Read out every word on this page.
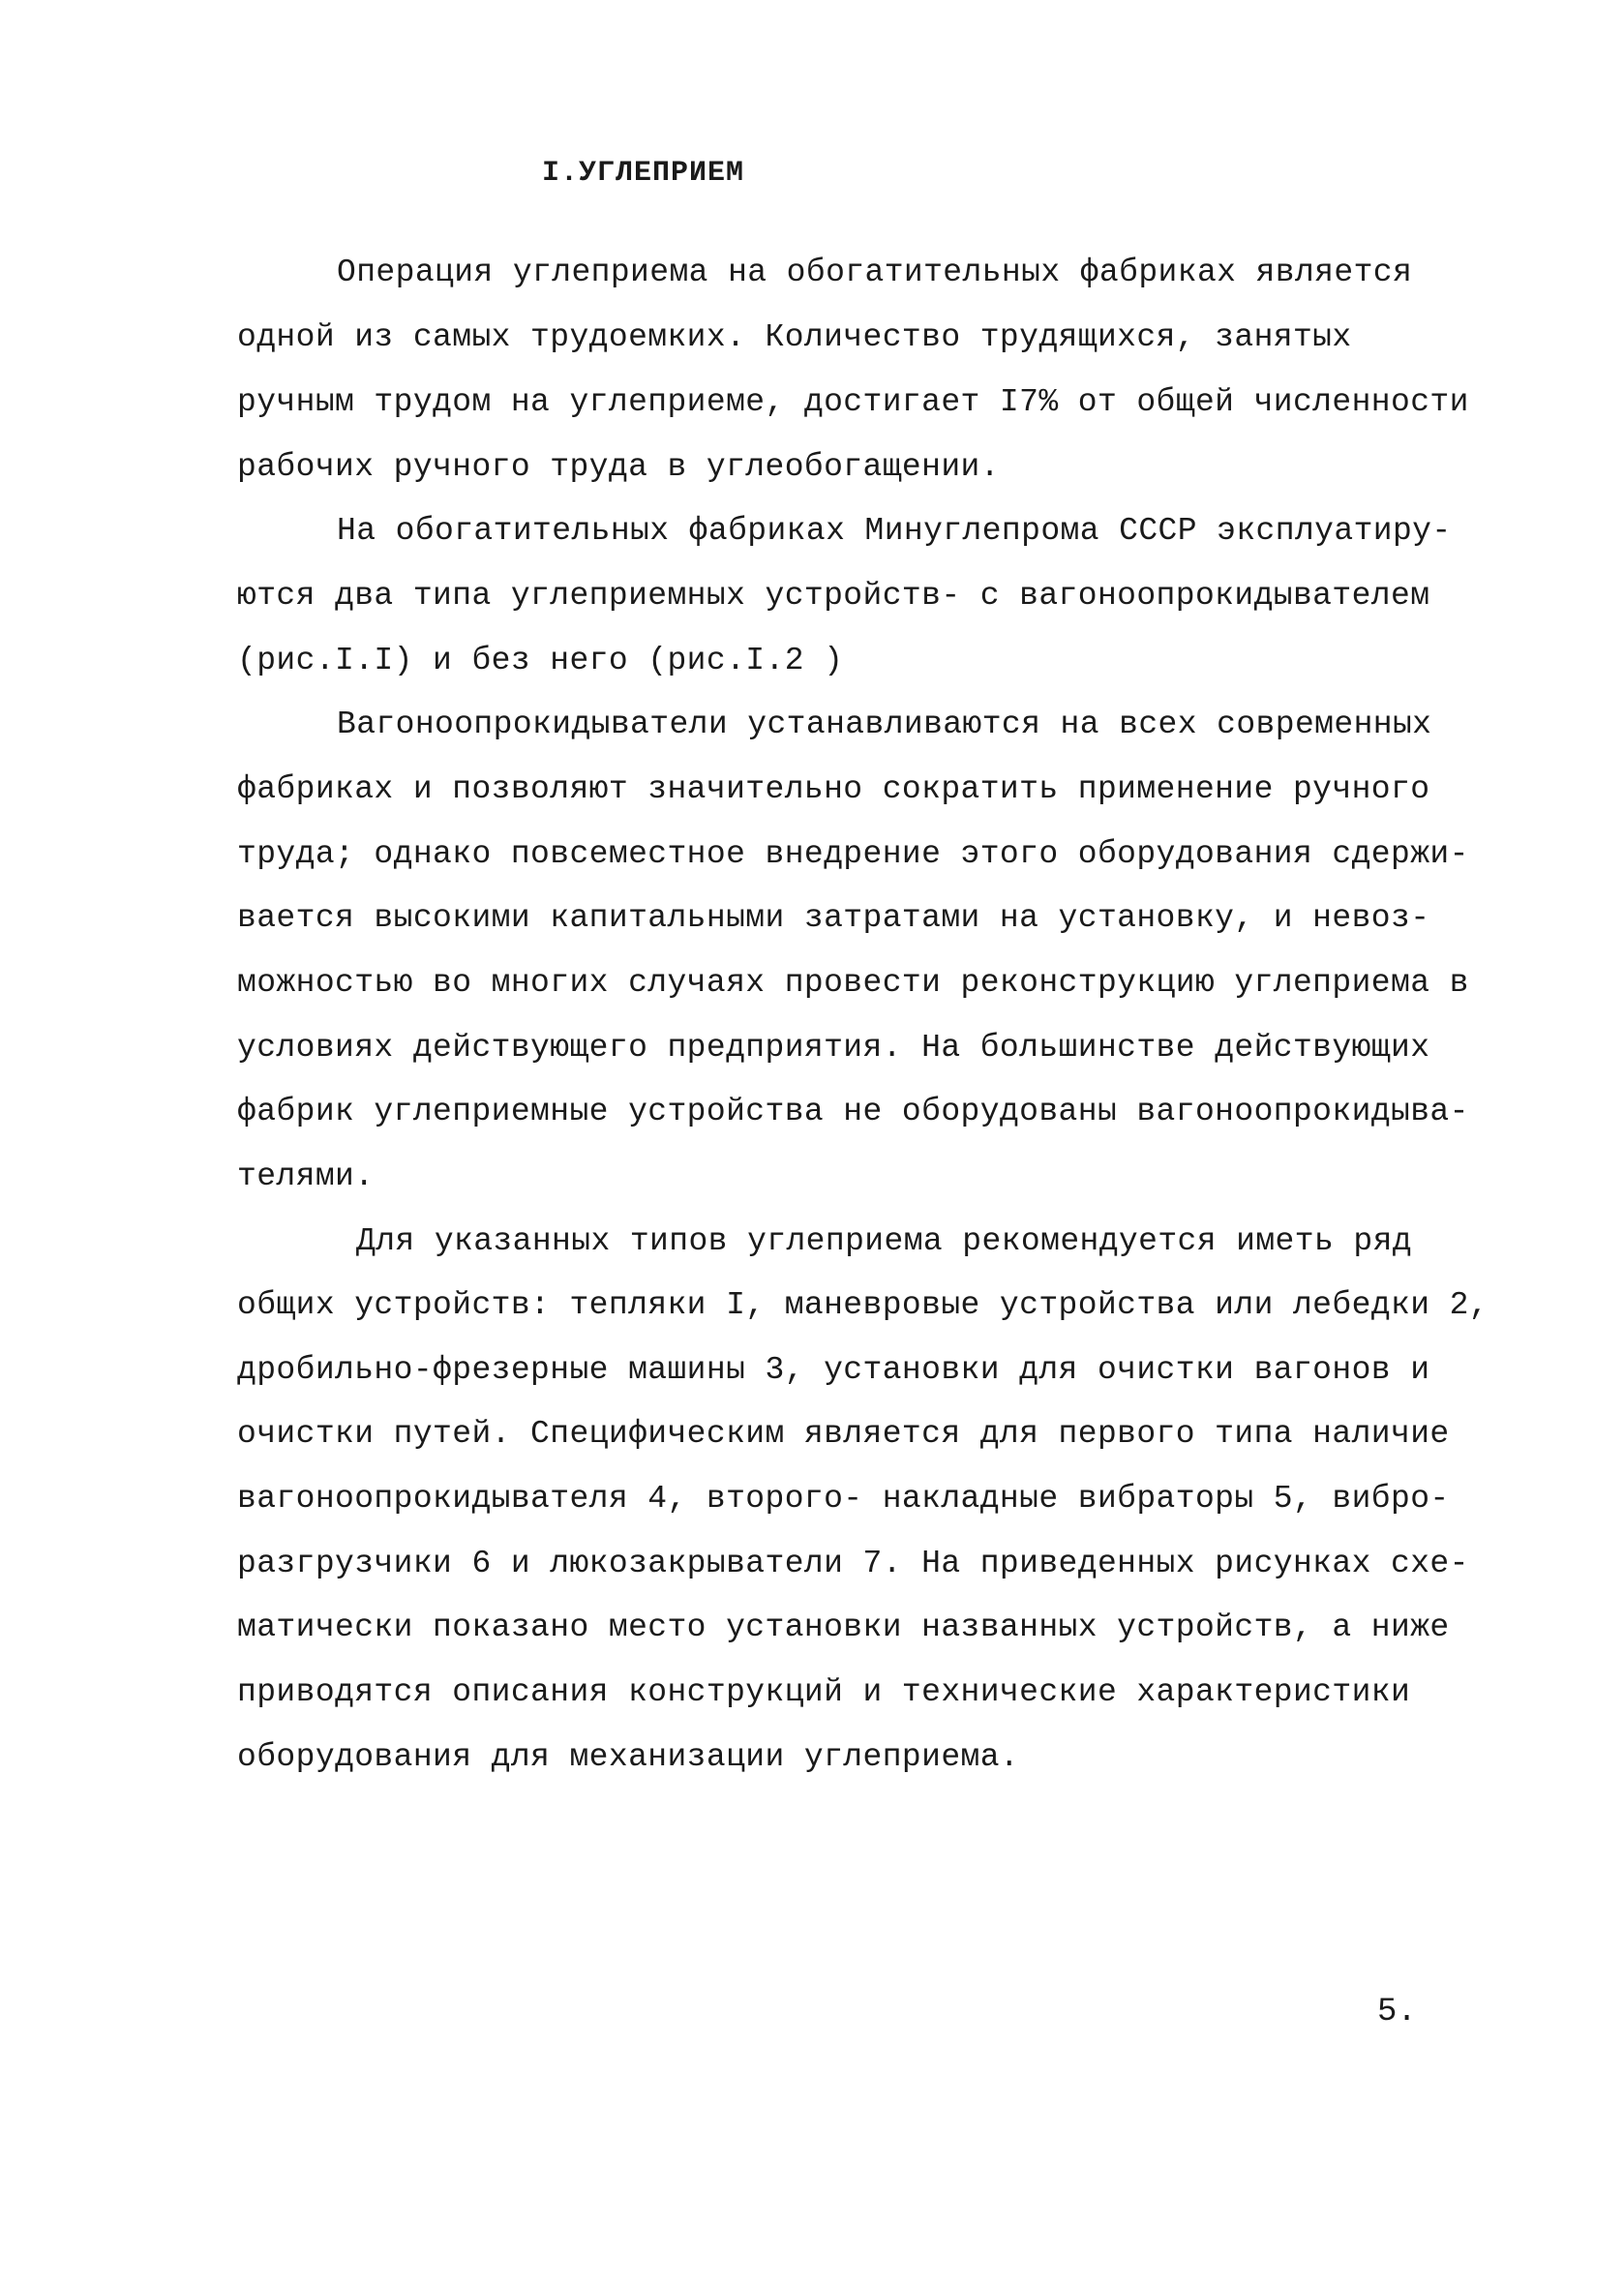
I.УГЛЕПРИЕМ
Операция углеприема на обогатительных фабриках является
одной из самых трудоемких. Количество трудящихся, занятых
ручным трудом на углеприеме, достигает I7% от общей численности
рабочих ручного труда в углеобогащении.
На обогатительных фабриках Минуглепрома СССР эксплуатиру-
ются два типа углеприемных устройств- с вагоноопрокидывателем
(рис.I.I) и без него (рис.I.2 )
Вагоноопрокидыватели устанавливаются на всех современных
фабриках и позволяют значительно сократить применение ручного
труда; однако повсеместное внедрение этого оборудования сдержи-
вается высокими капитальными затратами на установку, и невоз-
можностью во многих случаях провести реконструкцию углеприема в
условиях действующего предприятия. На большинстве действующих
фабрик углеприемные устройства не оборудованы вагоноопрокидыва-
телями.
Для указанных типов углеприема рекомендуется иметь ряд
общих устройств: тепляки I, маневровые устройства или лебедки 2,
дробильно-фрезерные машины 3, установки для очистки вагонов и
очистки путей. Специфическим является для первого типа наличие
вагоноопрокидывателя 4, второго- накладные вибраторы 5, вибро-
разгрузчики 6 и люкозакрыватели 7. На приведенных рисунках схе-
матически показано место установки названных устройств, а ниже
приводятся описания конструкций и технические характеристики
оборудования для механизации углеприема.
5.
